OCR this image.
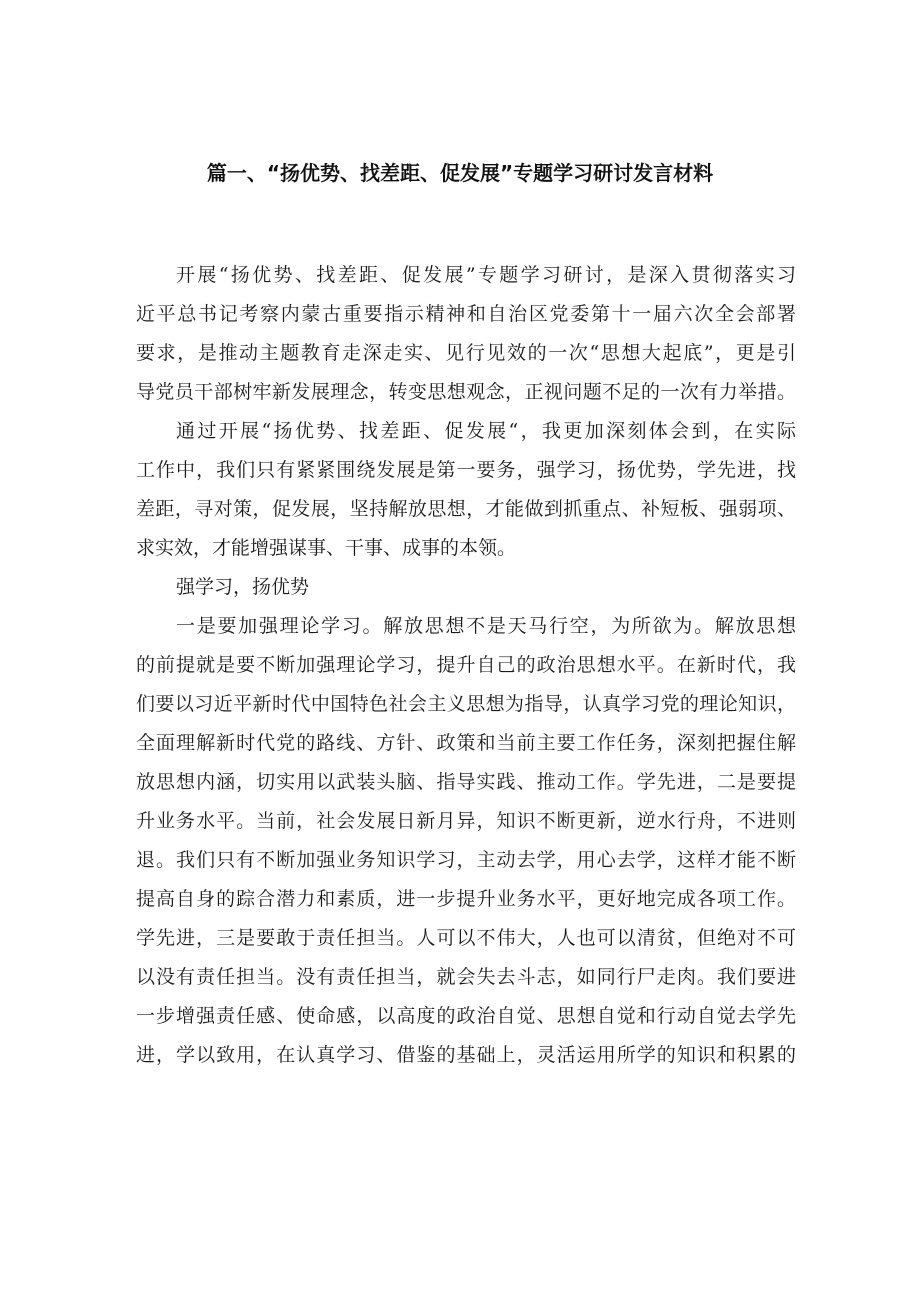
篇一、“扬优势、找差距、促发展”专题学习研讨发言材料
开展“扬优势、找差距、促发展”专题学习研讨，是深入贯彻落实习
近平总书记考察内蒙古重要指示精神和自治区党委第十一届六次全会部署
要求，是推动主题教育走深走实、见行见效的一次“思想大起底”，更是引
导党员干部树牢新发展理念，转变思想观念，正视问题不足的一次有力举措。
通过开展“扬优势、找差距、促发展“，我更加深刻体会到，在实际
工作中，我们只有紧紧围绕发展是第一要务，强学习，扬优势，学先进，找
差距，寻对策，促发展，坚持解放思想，才能做到抓重点、补短板、强弱项、
求实效，才能增强谋事、干事、成事的本领。
强学习，扬优势
一是要加强理论学习。解放思想不是天马行空，为所欲为。解放思想
的前提就是要不断加强理论学习，提升自己的政治思想水平。在新时代，我
们要以习近平新时代中国特色社会主义思想为指导，认真学习党的理论知识，
全面理解新时代党的路线、方针、政策和当前主要工作任务，深刻把握住解
放思想内涵，切实用以武装头脑、指导实践、推动工作。学先进，二是要提
升业务水平。当前，社会发展日新月异，知识不断更新，逆水行舟，不进则
退。我们只有不断加强业务知识学习，主动去学，用心去学，这样才能不断
提高自身的踪合潜力和素质，进一步提升业务水平，更好地完成各项工作。
学先进，三是要敢于责任担当。人可以不伟大，人也可以清贫，但绝对不可
以没有责任担当。没有责任担当，就会失去斗志，如同行尸走肉。我们要进
一步增强责任感、使命感，以高度的政治自觉、思想自觉和行动自觉去学先
进，学以致用，在认真学习、借鉴的基础上，灵活运用所学的知识和积累的
